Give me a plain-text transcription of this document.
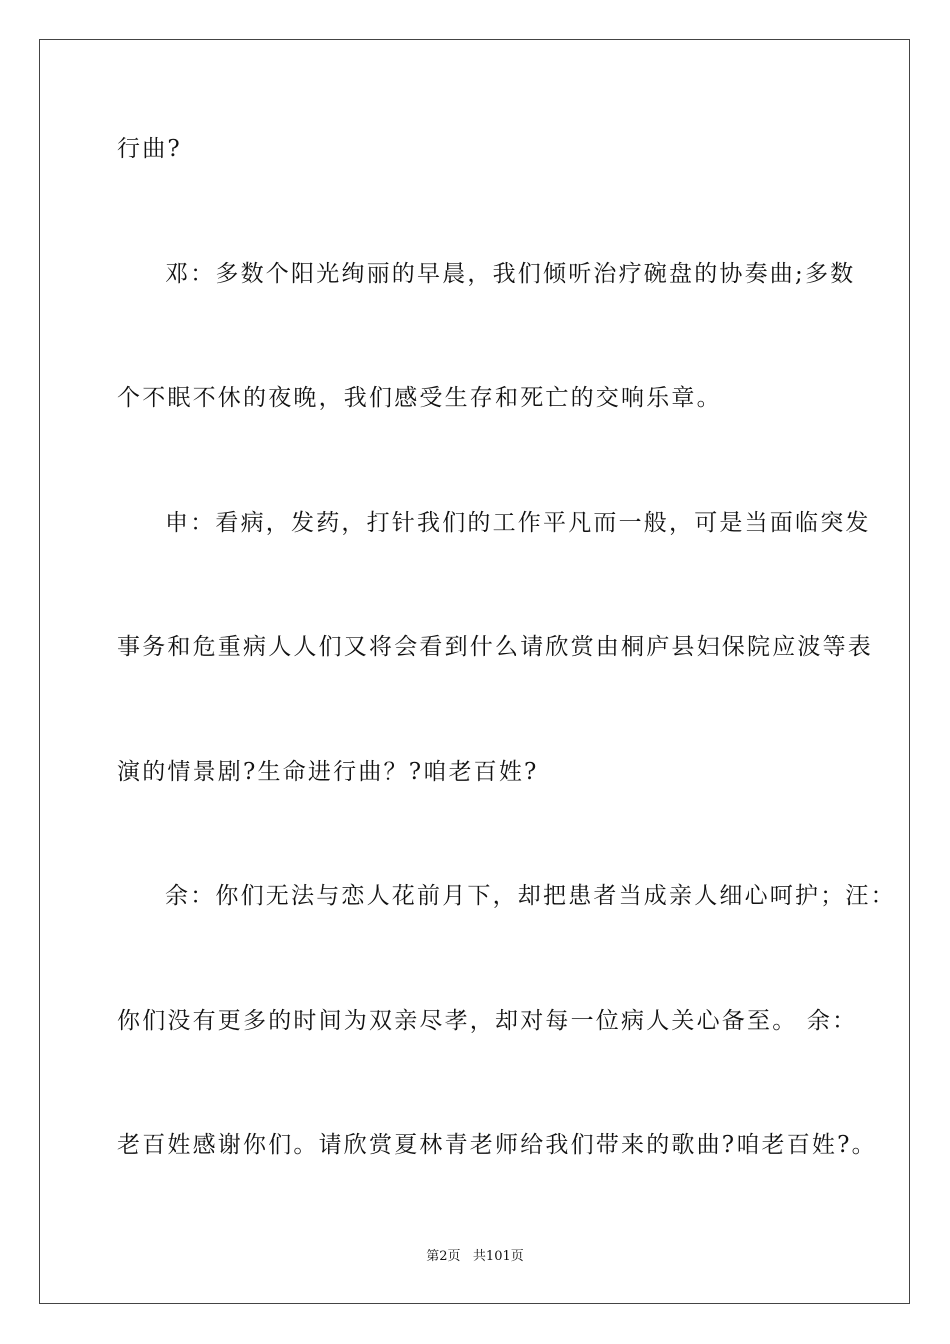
行曲?
邓：多数个阳光绚丽的早晨，我们倾听治疗碗盘的协奏曲;多数
个不眠不休的夜晚，我们感受生存和死亡的交响乐章。
申：看病，发药，打针我们的工作平凡而一般，可是当面临突发
事务和危重病人人们又将会看到什么请欣赏由桐庐县妇保院应波等表
演的情景剧?生命进行曲？?咱老百姓?
余：你们无法与恋人花前月下，却把患者当成亲人细心呵护；汪：
你们没有更多的时间为双亲尽孝，却对每一位病人关心备至。 余：
老百姓感谢你们。请欣赏夏林青老师给我们带来的歌曲?咱老百姓?。
第2页   共101页
